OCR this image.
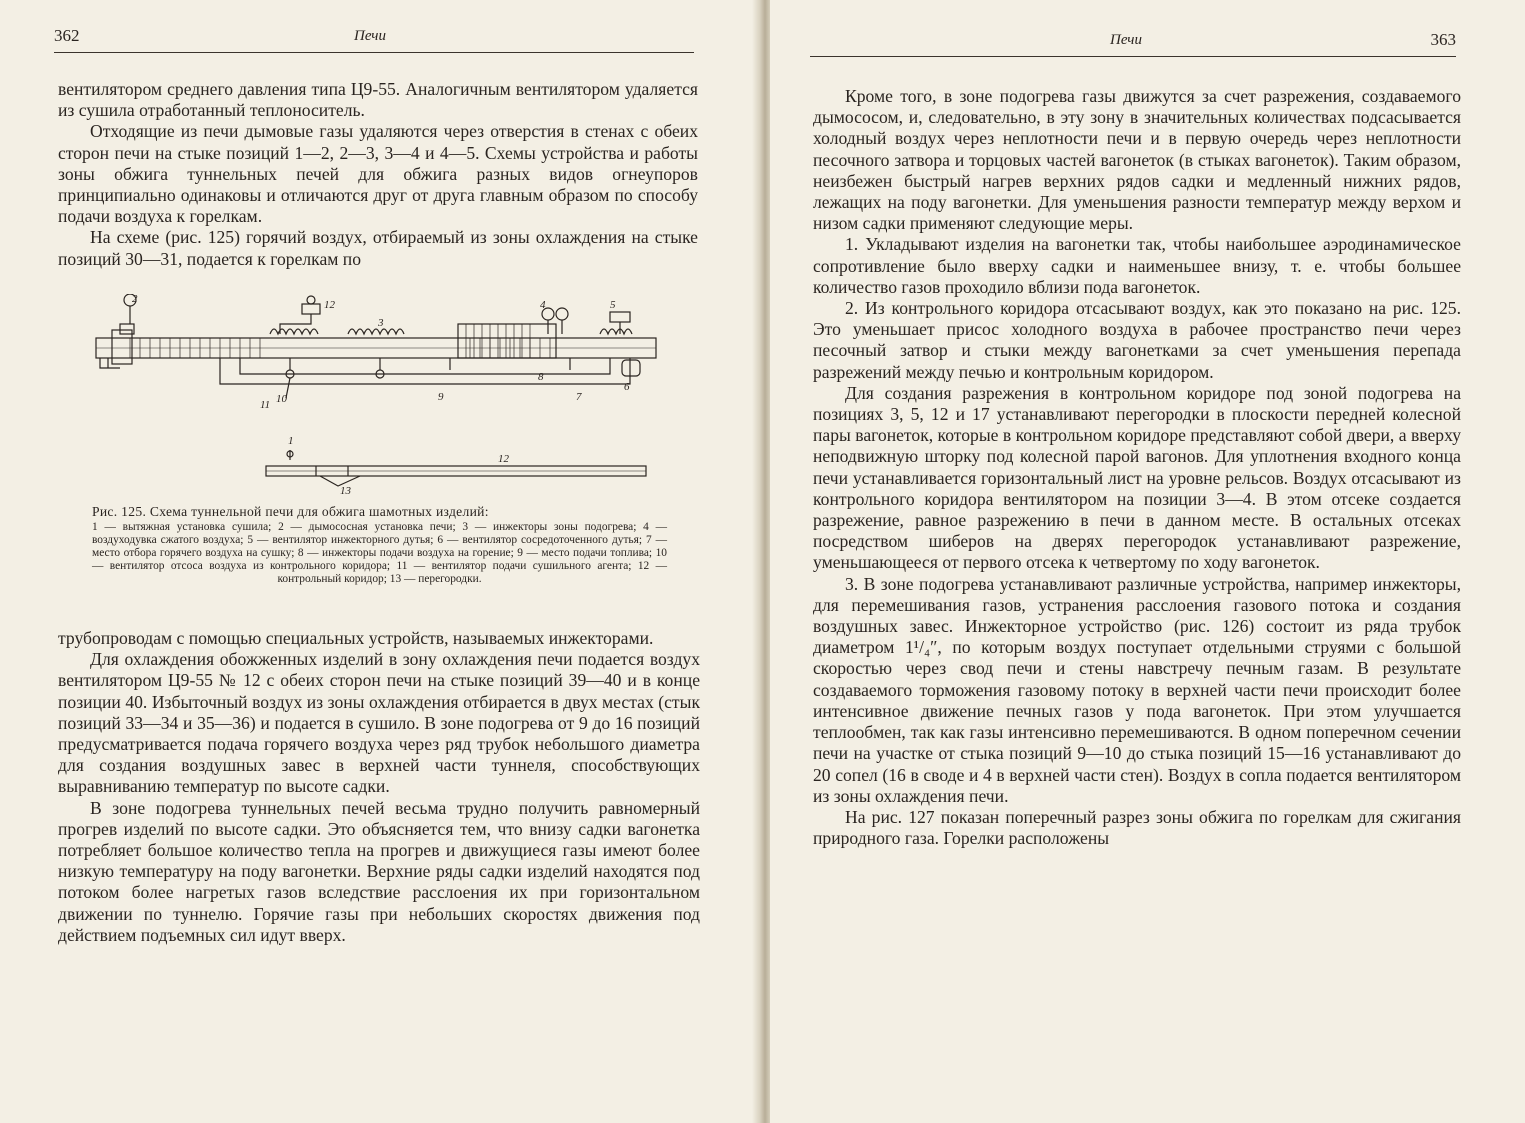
362	Печи

вентилятором среднего давления типа Ц9-55. Аналогичным вентилятором удаляется из сушила отработанный теплоноситель.

Отходящие из печи дымовые газы удаляются через отверстия в стенах с обеих сторон печи на стыке позиций 1—2, 2—3, 3—4 и 4—5. Схемы устройства и работы зоны обжига туннельных печей для обжига разных видов огнеупоров принципиально одинаковы и отличаются друг от друга главным образом по способу подачи воздуха к горелкам.

На схеме (рис. 125) горячий воздух, отбираемый из зоны охлаждения на стыке позиций 30—31, подается к горелкам по

12
3
4	5
8
9	7
6
11 10
1
2
12
13
Рис. 125. Схема туннельной печи для обжига шамотных изделий:
1 — вытяжная установка сушила; 2 — дымососная установка печи; 3 — инжекторы зоны подогрева; 4 — воздуходувка сжатого воздуха; 5 — вентилятор инжекторного дутья; 6 — вентилятор сосредоточенного дутья; 7 — место отбора горячего воздуха на сушку; 8 — инжекторы подачи воздуха на горение; 9 — место подачи топлива; 10 — вентилятор отсоса воздуха из контрольного коридора; 11 — вентилятор подачи сушильного агента; 12 — контрольный коридор; 13 — перегородки.

трубопроводам с помощью специальных устройств, называемых инжекторами.

Для охлаждения обожженных изделий в зону охлаждения печи подается воздух вентилятором Ц9-55 № 12 с обеих сторон печи на стыке позиций 39—40 и в конце позиции 40. Избыточный воздух из зоны охлаждения отбирается в двух местах (стык позиций 33—34 и 35—36) и подается в сушило. В зоне подогрева от 9 до 16 позиций предусматривается подача горячего воздуха через ряд трубок небольшого диаметра для создания воздушных завес в верхней части туннеля, способствующих выравниванию температур по высоте садки.

В зоне подогрева туннельных печей весьма трудно получить равномерный прогрев изделий по высоте садки. Это объясняется тем, что внизу садки вагонетка потребляет большое количество тепла на прогрев и движущиеся газы имеют более низкую температуру на поду вагонетки. Верхние ряды садки изделий находятся под потоком более нагретых газов вследствие расслоения их при горизонтальном движении по туннелю. Горячие газы при небольших скоростях движения под действием подъемных сил идут вверх.

Печи	363

Кроме того, в зоне подогрева газы движутся за счет разрежения, создаваемого дымососом, и, следовательно, в эту зону в значительных количествах подсасывается холодный воздух через неплотности печи и в первую очередь через неплотности песочного затвора и торцовых частей вагонеток (в стыках вагонеток). Таким образом, неизбежен быстрый нагрев верхних рядов садки и медленный нижних рядов, лежащих на поду вагонетки. Для уменьшения разности температур между верхом и низом садки применяют следующие меры.

1. Укладывают изделия на вагонетки так, чтобы наибольшее аэродинамическое сопротивление было вверху садки и наименьшее внизу, т. е. чтобы большее количество газов проходило вблизи пода вагонеток.

2. Из контрольного коридора отсасывают воздух, как это показано на рис. 125. Это уменьшает присос холодного воздуха в рабочее пространство печи через песочный затвор и стыки между вагонетками за счет уменьшения перепада разрежений между печью и контрольным коридором.

Для создания разрежения в контрольном коридоре под зоной подогрева на позициях 3, 5, 12 и 17 устанавливают перегородки в плоскости передней колесной пары вагонеток, которые в контрольном коридоре представляют собой двери, а вверху неподвижную шторку под колесной парой вагонов. Для уплотнения входного конца печи устанавливается горизонтальный лист на уровне рельсов. Воздух отсасывают из контрольного коридора вентилятором на позиции 3—4. В этом отсеке создается разрежение, равное разрежению в печи в данном месте. В остальных отсеках посредством шиберов на дверях перегородок устанавливают разрежение, уменьшающееся от первого отсека к четвертому по ходу вагонеток.

3. В зоне подогрева устанавливают различные устройства, например инжекторы, для перемешивания газов, устранения расслоения газового потока и создания воздушных завес. Инжекторное устройство (рис. 126) состоит из ряда трубок диаметром 1¹/₄″, по которым воздух поступает отдельными струями с большой скоростью через свод печи и стены навстречу печным газам. В результате создаваемого торможения газовому потоку в верхней части печи происходит более интенсивное движение печных газов у пода вагонеток. При этом улучшается теплообмен, так как газы интенсивно перемешиваются. В одном поперечном сечении печи на участке от стыка позиций 9—10 до стыка позиций 15—16 устанавливают до 20 сопел (16 в своде и 4 в верхней части стен). Воздух в сопла подается вентилятором из зоны охлаждения печи.

На рис. 127 показан поперечный разрез зоны обжига по горелкам для сжигания природного газа. Горелки расположены
